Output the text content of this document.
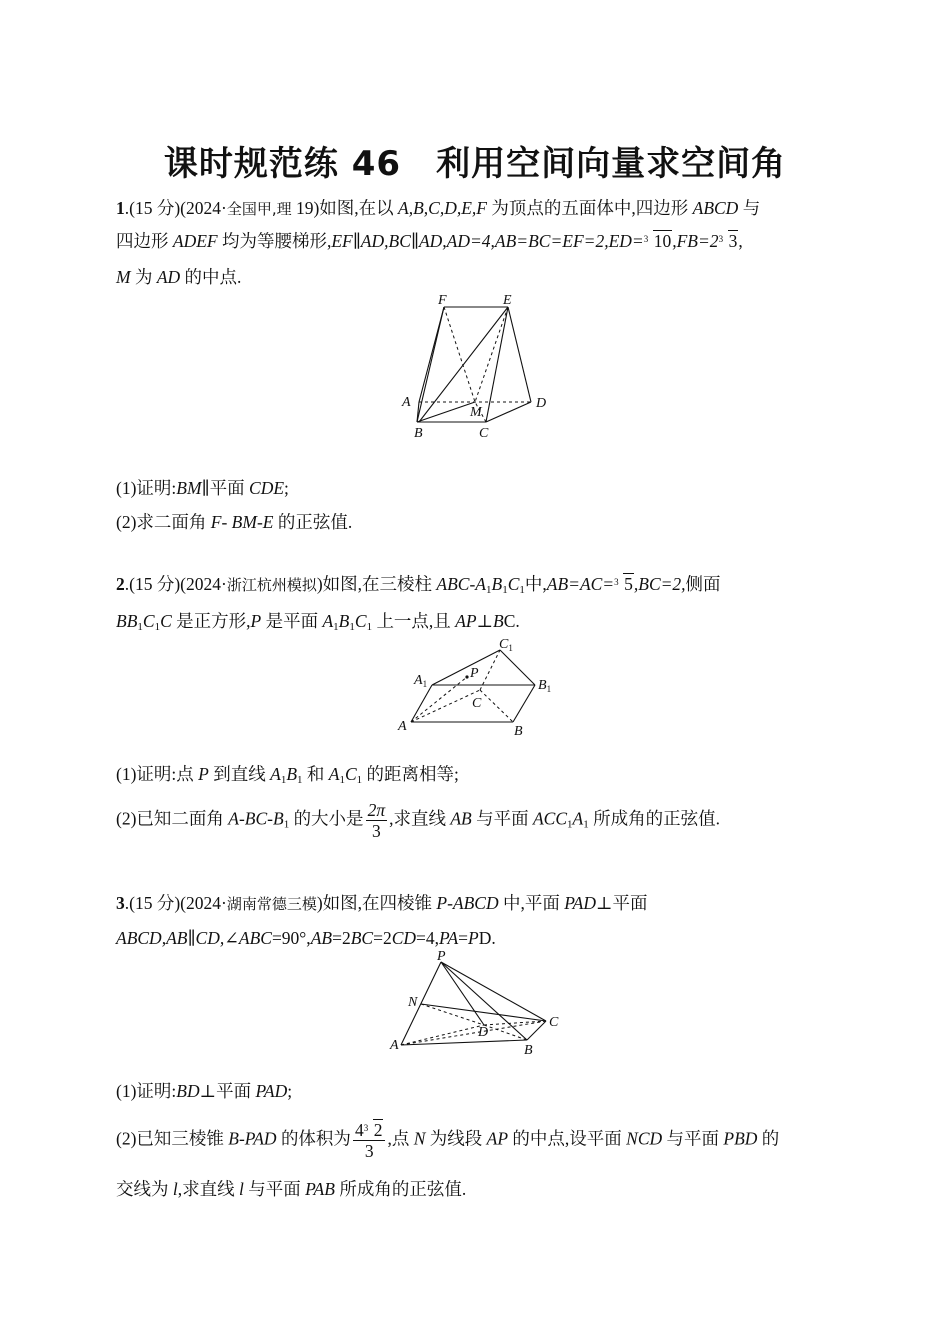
课时规范练 46　利用空间向量求空间角
1.(15 分)(2024·全国甲,理 19)如图,在以 A,B,C,D,E,F 为顶点的五面体中,四边形 ABCD 与
四边形 ADEF 均为等腰梯形,EF∥AD,BC∥AD,AD=4,AB=BC=EF=2,ED= 3 10,FB=2 3 3,
M 为 AD 的中点.
F	E
A
M
D
B	C
(1)证明:BM∥平面 CDE;
(2)求二面角 F- BM-E 的正弦值.
2.(15 分)(2024·浙江杭州模拟)如图,在三棱柱 ABC-$A_1B_1C_1$中,AB=AC= 3 5,BC=2,侧面
$BB_1C_1C$ 是正方形,P 是平面 $A_1B_1C_1$ 上一点,且 AP⊥BC.
$C_1$
$A_1$
P
$B_1$
C
A	B
(1)证明:点 P 到直线 $A_1B_1$ 和 $A_1C_1$ 的距离相等;
(2)已知二面角 $A-BC-B_1$ 的大小是 $\frac{2\pi}{3}$ ,求直线 AB 与平面 $ACC_1A_1$ 所成角的正弦值.
3.(15 分)(2024·湖南常德三模)如图,在四棱锥 P-ABCD 中,平面 PAD⊥平面
ABCD,AB∥CD,∠ABC=90°,AB=2BC=2CD=4,PA=PD.
P
N
D
C
A	B
(1)证明:BD⊥平面 PAD;
(2)已知三棱锥 B-PAD 的体积为 $\frac{4 3 2}{3}$ ,点 N 为线段 AP 的中点,设平面 NCD 与平面 PBD 的
交线为 l,求直线 l 与平面 PAB 所成角的正弦值.
